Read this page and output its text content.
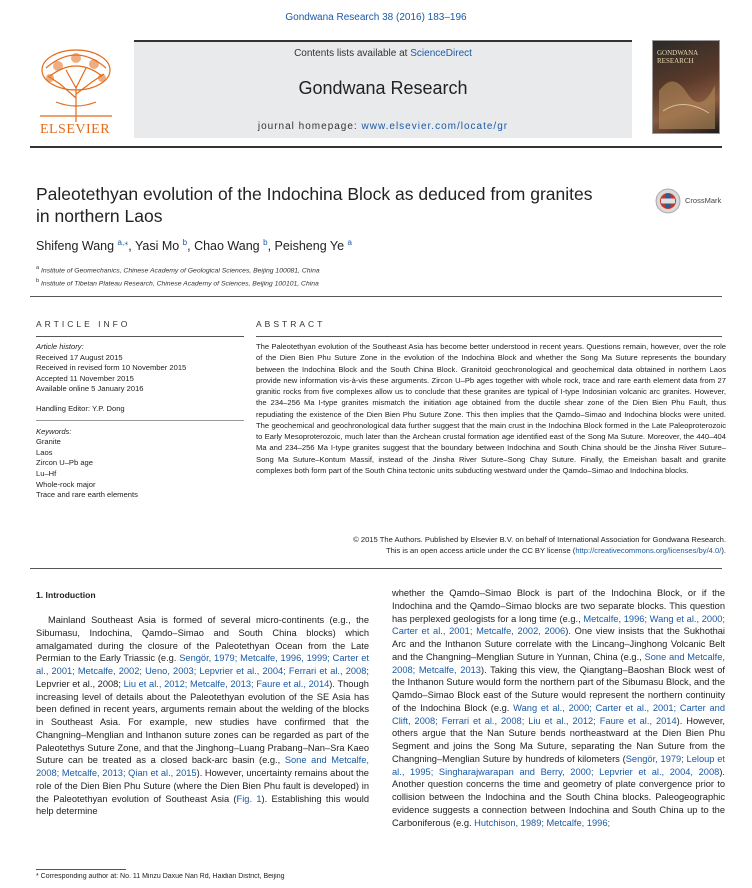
Gondwana Research 38 (2016) 183–196
ELSEVIER
Contents lists available at ScienceDirect
Gondwana Research
journal homepage: www.elsevier.com/locate/gr
GONDWANA RESEARCH
Paleotethyan evolution of the Indochina Block as deduced from granites
in northern Laos
CrossMark
Shifeng Wang $^{a,⁎}$, Yasi Mo $^b$, Chao Wang $^b$, Peisheng Ye $^a$
$^a$ Institute of Geomechanics, Chinese Academy of Geological Sciences, Beijing 100081, China
$^b$ Institute of Tibetan Plateau Research, Chinese Academy of Sciences, Beijing 100101, China
ARTICLE INFO	ABSTRACT
Article history:
Received 17 August 2015
Received in revised form 10 November 2015
Accepted 11 November 2015
Available online 5 January 2016
Handling Editor: Y.P. Dong
Keywords:
Granite
Laos
Zircon U–Pb age
Lu–Hf
Whole-rock major
Trace and rare earth elements
The Paleotethyan evolution of the Southeast Asia has become better understood in recent years. Questions remain, however, over the role of the Dien Bien Phu Suture Zone in the evolution of the Indochina Block and whether the Song Ma Suture represents the boundary between the Indochina Block and the South China Block. Granitoid geochronological and geochemical data obtained in northern Laos provide new information vis-à-vis these arguments. Zircon U–Pb ages together with whole rock, trace and rare earth element data from 27 granitic rocks from five complexes allow us to conclude that these granites are typical of I-type Indosinian volcanic arc granites. However, the 234–256 Ma I-type granites mismatch the initiation age obtained from the ductile shear zone of the Dien Bien Phu Fault, thus repudiating the existence of the Dien Bien Phu Suture Zone. This then implies that the Qamdo–Simao and Indochina blocks were united. The geochemical and geochronological data further suggest that the main crust in the Indochina Block formed in the Late Paleoproterozoic to Early Mesoproterozoic, much later than the Archean crustal formation age identified east of the Song Ma Suture. Moreover, the 440–404 Ma and 234–256 Ma I-type granites suggest that the boundary between Indochina and South China should be the Jinsha River Suture–Song Ma Suture–Kontum Massif, instead of the Jinsha River Suture–Song Chay Suture. Finally, the Emeishan basalt and granite complexes both form part of the South China tectonic units subducting westward under the Qamdo–Simao and Indochina blocks.
© 2015 The Authors. Published by Elsevier B.V. on behalf of International Association for Gondwana Research.
This is an open access article under the CC BY license (http://creativecommons.org/licenses/by/4.0/).
1. Introduction
Mainland Southeast Asia is formed of several micro-continents (e.g., the Sibumasu, Indochina, Qamdo–Simao and South China blocks) which amalgamated during the closure of the Paleotethyan Ocean from the Late Permian to the Early Triassic (e.g. Sengör, 1979; Metcalfe, 1996, 1999; Carter et al., 2001; Metcalfe, 2002; Ueno, 2003; Lepvrier et al., 2004; Ferrari et al., 2008; Lepvrier et al., 2008; Liu et al., 2012; Metcalfe, 2013; Faure et al., 2014). Though increasing level of details about the Paleotethyan evolution of the SE Asia has been defined in recent years, arguments remain about the welding of the blocks in Southeast Asia. For example, new studies have confirmed that the Changning–Menglian and Inthanon suture zones can be regarded as part of the Paleotethys Suture Zone, and that the Jinghong–Luang Prabang–Nan–Sra Kaeo Suture can be treated as a closed back-arc basin (e.g., Sone and Metcalfe, 2008; Metcalfe, 2013; Qian et al., 2015). However, uncertainty remains about the role of the Dien Bien Phu Suture (where the Dien Bien Phu fault is developed) in the Paleotethyan evolution of Southeast Asia (Fig. 1). Establishing this would help determine
whether the Qamdo–Simao Block is part of the Indochina Block, or if the Indochina and the Qamdo–Simao blocks are two separate blocks. This question has perplexed geologists for a long time (e.g., Metcalfe, 1996; Wang et al., 2000; Carter et al., 2001; Metcalfe, 2002, 2006). One view insists that the Sukhothai Arc and the Inthanon Suture correlate with the Lincang–Jinghong Volcanic Belt and the Changning–Menglian Suture in Yunnan, China (e.g., Sone and Metcalfe, 2008; Metcalfe, 2013). Taking this view, the Qiangtang–Baoshan Block west of the Inthanon Suture would form the northern part of the Sibumasu Block, and the Qamdo–Simao Block east of the Suture would represent the northern continuity of the Indochina Block (e.g. Wang et al., 2000; Carter et al., 2001; Carter and Clift, 2008; Ferrari et al., 2008; Liu et al., 2012; Faure et al., 2014). However, others argue that the Nan Suture bends northeastward at the Dien Bien Phu Segment and joins the Song Ma Suture, separating the Nan Suture from the Changning–Menglian Suture by hundreds of kilometers (Sengör, 1979; Leloup et al., 1995; Singharajwarapan and Berry, 2000; Lepvrier et al., 2004, 2008). Another question concerns the time and geometry of plate convergence prior to collision between the Indochina and the South China blocks. Paleogeographic evidence suggests a connection between Indochina and South China up to the Carboniferous (e.g. Hutchison, 1989; Metcalfe, 1996;
* Corresponding author at: No. 11 Minzu Daxue Nan Rd, Haidian District, Beijing
